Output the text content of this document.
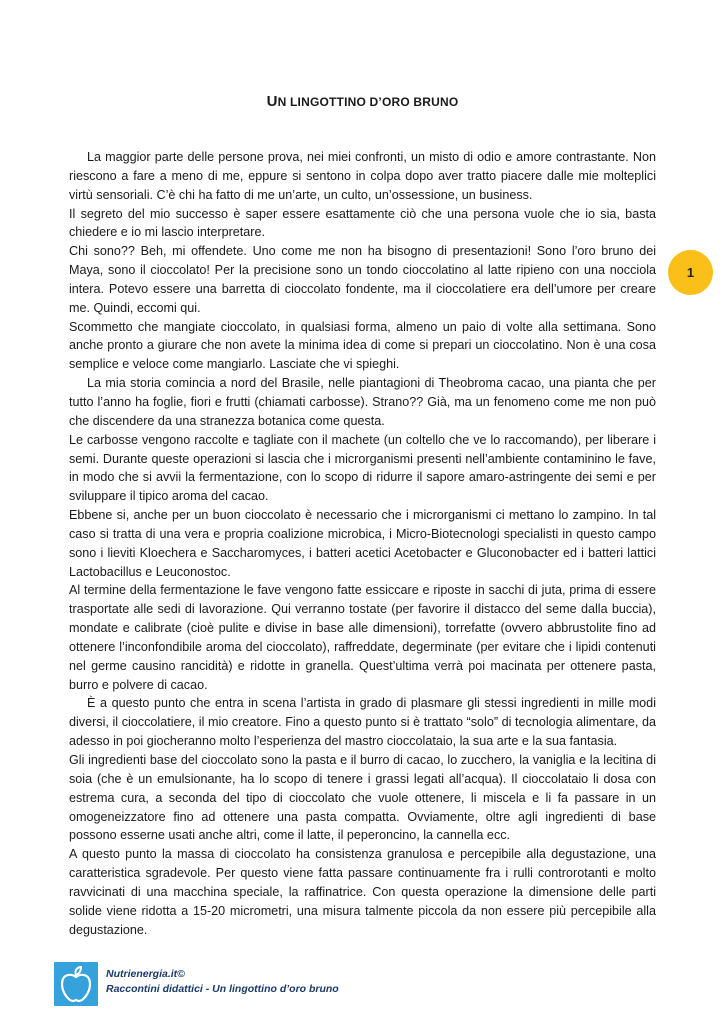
UN LINGOTTINO D’ORO BRUNO
1

La maggior parte delle persone prova, nei miei confronti, un misto di odio e amore contrastante. Non riescono a fare a meno di me, eppure si sentono in colpa dopo aver tratto piacere dalle mie molteplici virtù sensoriali. C’è chi ha fatto di me un’arte, un culto, un’ossessione, un business.

Il segreto del mio successo è saper essere esattamente ciò che una persona vuole che io sia, basta chiedere e io mi lascio interpretare.

Chi sono?? Beh, mi offendete. Uno come me non ha bisogno di presentazioni! Sono l’oro bruno dei Maya, sono il cioccolato! Per la precisione sono un tondo cioccolatino al latte ripieno con una nocciola intera. Potevo essere una barretta di cioccolato fondente, ma il cioccolatiere era dell’umore per creare me. Quindi, eccomi qui.

Scommetto che mangiate cioccolato, in qualsiasi forma, almeno un paio di volte alla settimana. Sono anche pronto a giurare che non avete la minima idea di come si prepari un cioccolatino. Non è una cosa semplice e veloce come mangiarlo. Lasciate che vi spieghi.

La mia storia comincia a nord del Brasile, nelle piantagioni di Theobroma cacao, una pianta che per tutto l’anno ha foglie, fiori e frutti (chiamati carbosse). Strano?? Già, ma un fenomeno come me non può che discendere da una stranezza botanica come questa.

Le carbosse vengono raccolte e tagliate con il machete (un coltello che ve lo raccomando), per liberare i semi. Durante queste operazioni si lascia che i microrganismi presenti nell’ambiente contaminino le fave, in modo che si avvii la fermentazione, con lo scopo di ridurre il sapore amaro-astringente dei semi e per sviluppare il tipico aroma del cacao.

Ebbene si, anche per un buon cioccolato è necessario che i microrganismi ci mettano lo zampino. In tal caso si tratta di una vera e propria coalizione microbica, i Micro-Biotecnologi specialisti in questo campo sono i lieviti Kloechera e Saccharomyces, i batteri acetici Acetobacter e Gluconobacter ed i batteri lattici Lactobacillus e Leuconostoc.

Al termine della fermentazione le fave vengono fatte essiccare e riposte in sacchi di juta, prima di essere trasportate alle sedi di lavorazione. Qui verranno tostate (per favorire il distacco del seme dalla buccia), mondate e calibrate (cioè pulite e divise in base alle dimensioni), torrefatte (ovvero abbrustolite fino ad ottenere l’inconfondibile aroma del cioccolato), raffreddate, degerminate (per evitare che i lipidi contenuti nel germe causino rancidità) e ridotte in granella. Quest’ultima verrà poi macinata per ottenere pasta, burro e polvere di cacao.

È a questo punto che entra in scena l’artista in grado di plasmare gli stessi ingredienti in mille modi diversi, il cioccolatiere, il mio creatore. Fino a questo punto si è trattato “solo” di tecnologia alimentare, da adesso in poi giocheranno molto l’esperienza del mastro cioccolataio, la sua arte e la sua fantasia.

Gli ingredienti base del cioccolato sono la pasta e il burro di cacao, lo zucchero, la vaniglia e la lecitina di soia (che è un emulsionante, ha lo scopo di tenere i grassi legati all’acqua). Il cioccolataio li dosa con estrema cura, a seconda del tipo di cioccolato che vuole ottenere, li miscela e li fa passare in un omogeneizzatore fino ad ottenere una pasta compatta. Ovviamente, oltre agli ingredienti di base possono esserne usati anche altri, come il latte, il peperoncino, la cannella ecc.

A questo punto la massa di cioccolato ha consistenza granulosa e percepibile alla degustazione, una caratteristica sgradevole. Per questo viene fatta passare continuamente fra i rulli controrotanti e molto ravvicinati di una macchina speciale, la raffinatrice. Con questa operazione la dimensione delle parti solide viene ridotta a 15-20 micrometri, una misura talmente piccola da non essere più percepibile alla degustazione.

Nutrienergia.it©
Raccontini didattici - Un lingottino d’oro bruno
